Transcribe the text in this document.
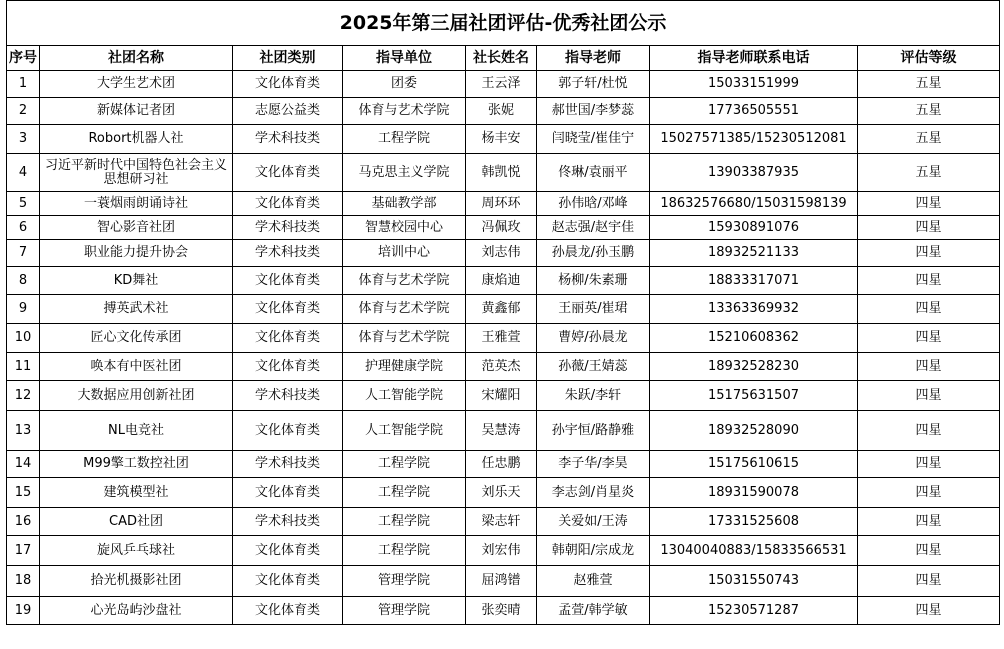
2025年第三届社团评估-优秀社团公示							
序号	社团名称	社团类别	指导单位	社长姓名	指导老师	指导老师联系电话	评估等级
1	大学生艺术团	文化体育类	团委	王云泽	郭子轩/杜悦	15033151999	五星
2	新媒体记者团	志愿公益类	体育与艺术学院	张妮	郝世国/李梦蕊	17736505551	五星
3	Robort机器人社	学术科技类	工程学院	杨丰安	闫晓莹/崔佳宁	15027571385/15230512081	五星
4	习近平新时代中国特色社会主义思想研习社	文化体育类	马克思主义学院	韩凯悦	佟琳/袁丽平	13903387935	五星
5	一蓑烟雨朗诵诗社	文化体育类	基础教学部	周环环	孙伟晗/邓峰	18632576680/15031598139	四星
6	智心影音社团	学术科技类	智慧校园中心	冯佩玫	赵志强/赵宇佳	15930891076	四星
7	职业能力提升协会	学术科技类	培训中心	刘志伟	孙晨龙/孙玉鹏	18932521133	四星
8	KD舞社	文化体育类	体育与艺术学院	康焰迪	杨柳/朱素珊	18833317071	四星
9	搏英武术社	文化体育类	体育与艺术学院	黄鑫郁	王丽英/崔珺	13363369932	四星
10	匠心文化传承团	文化体育类	体育与艺术学院	王雅萱	曹婷/孙晨龙	15210608362	四星
11	唤本有中医社团	文化体育类	护理健康学院	范英杰	孙薇/王婧蕊	18932528230	四星
12	大数据应用创新社团	学术科技类	人工智能学院	宋耀阳	朱跃/李轩	15175631507	四星
13	NL电竞社	文化体育类	人工智能学院	吴慧涛	孙宇恒/路静雅	18932528090	四星
14	M99擎工数控社团	学术科技类	工程学院	任忠鹏	李子华/李昊	15175610615	四星
15	建筑模型社	文化体育类	工程学院	刘乐天	李志剑/肖星炎	18931590078	四星
16	CAD社团	学术科技类	工程学院	梁志轩	关爱如/王涛	17331525608	四星
17	旋风乒乓球社	文化体育类	工程学院	刘宏伟	韩朝阳/宗成龙	13040040883/15833566531	四星
18	拾光机摄影社团	文化体育类	管理学院	屈鸿镨	赵雅萱	15031550743	四星
19	心光岛屿沙盘社	文化体育类	管理学院	张奕晴	孟萱/韩学敏	15230571287	四星
